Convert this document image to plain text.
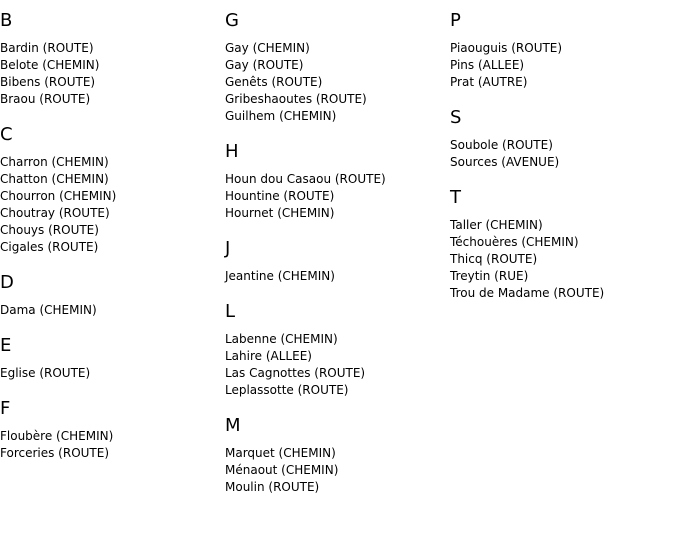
B
Bardin (ROUTE)
Belote (CHEMIN)
Bibens (ROUTE)
Braou (ROUTE)
C
Charron (CHEMIN)
Chatton (CHEMIN)
Chourron (CHEMIN)
Choutray (ROUTE)
Chouys (ROUTE)
Cigales (ROUTE)
D
Dama (CHEMIN)
E
Eglise (ROUTE)
F
Floubère (CHEMIN)
Forceries (ROUTE)
G
Gay (CHEMIN)
Gay (ROUTE)
Genêts (ROUTE)
Gribeshaoutes (ROUTE)
Guilhem (CHEMIN)
H
Houn dou Casaou (ROUTE)
Hountine (ROUTE)
Hournet (CHEMIN)
J
Jeantine (CHEMIN)
L
Labenne (CHEMIN)
Lahire (ALLEE)
Las Cagnottes (ROUTE)
Leplassotte (ROUTE)
M
Marquet (CHEMIN)
Ménaout (CHEMIN)
Moulin (ROUTE)
P
Piaouguis (ROUTE)
Pins (ALLEE)
Prat (AUTRE)
S
Soubole (ROUTE)
Sources (AVENUE)
T
Taller (CHEMIN)
Téchouères (CHEMIN)
Thicq (ROUTE)
Treytin (RUE)
Trou de Madame (ROUTE)
